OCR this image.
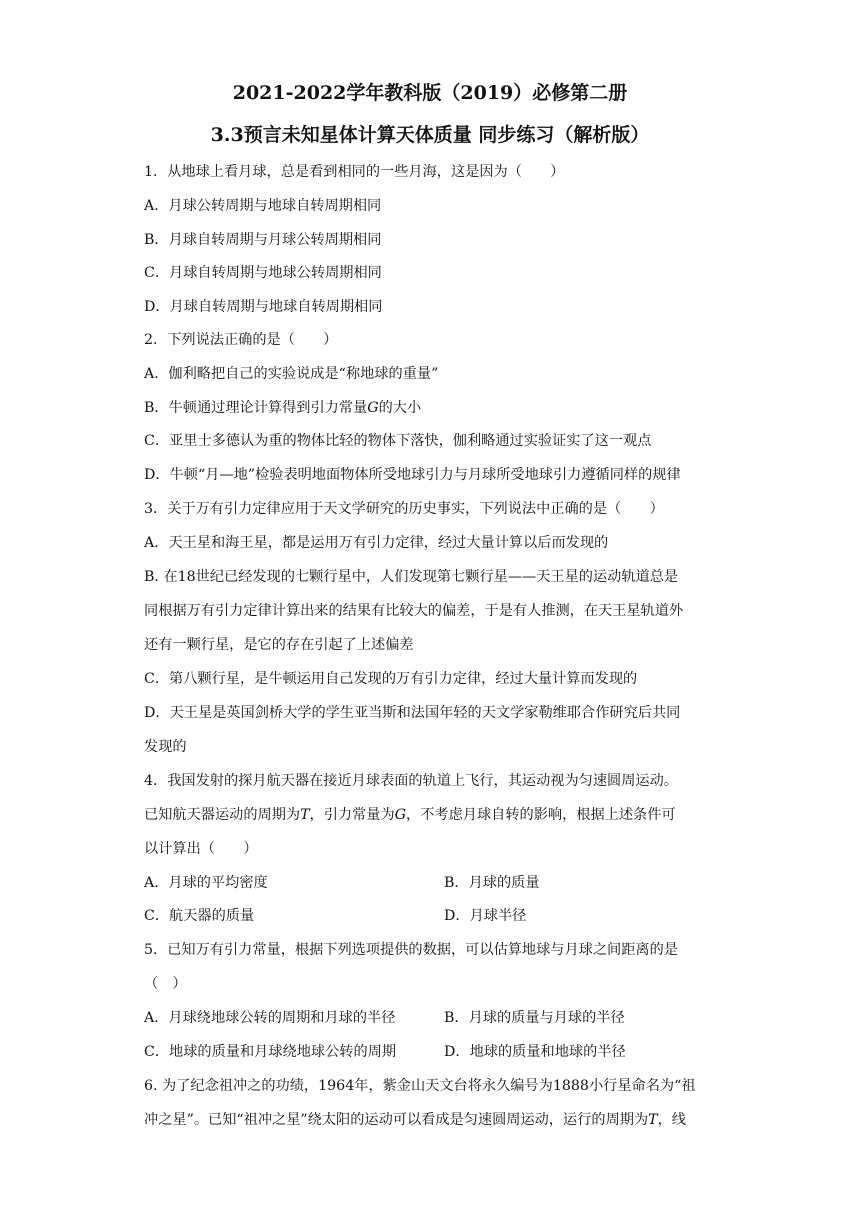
2021-2022学年教科版（2019）必修第二册
3.3预言未知星体计算天体质量 同步练习（解析版）
1．从地球上看月球，总是看到相同的一些月海，这是因为（　　）
A．月球公转周期与地球自转周期相同
B．月球自转周期与月球公转周期相同
C．月球自转周期与地球公转周期相同
D．月球自转周期与地球自转周期相同
2．下列说法正确的是（　　）
A．伽利略把自己的实验说成是“称地球的重量”
B．牛顿通过理论计算得到引力常量G的大小
C．亚里士多德认为重的物体比轻的物体下落快，伽利略通过实验证实了这一观点
D．牛顿“月—地”检验表明地面物体所受地球引力与月球所受地球引力遵循同样的规律
3．关于万有引力定律应用于天文学研究的历史事实，下列说法中正确的是（　　）
A．天王星和海王星，都是运用万有引力定律，经过大量计算以后而发现的
B. 在18世纪已经发现的七颗行星中，人们发现第七颗行星——天王星的运动轨道总是
同根据万有引力定律计算出来的结果有比较大的偏差，于是有人推测，在天王星轨道外
还有一颗行星，是它的存在引起了上述偏差
C．第八颗行星，是牛顿运用自己发现的万有引力定律，经过大量计算而发现的
D．天王星是英国剑桥大学的学生亚当斯和法国年轻的天文学家勒维耶合作研究后共同
发现的
4．我国发射的探月航天器在接近月球表面的轨道上飞行，其运动视为匀速圆周运动。
已知航天器运动的周期为T，引力常量为G，不考虑月球自转的影响，根据上述条件可
以计算出（　　）
A．月球的平均密度	B．月球的质量
C．航天器的质量	D．月球半径
5．已知万有引力常量，根据下列选项提供的数据，可以估算地球与月球之间距离的是
（　）
A．月球绕地球公转的周期和月球的半径	B．月球的质量与月球的半径
C．地球的质量和月球绕地球公转的周期	D．地球的质量和地球的半径
6. 为了纪念祖冲之的功绩，1964年，紫金山天文台将永久编号为1888小行星命名为“祖
冲之星”。已知“祖冲之星”绕太阳的运动可以看成是匀速圆周运动，运行的周期为T，线
